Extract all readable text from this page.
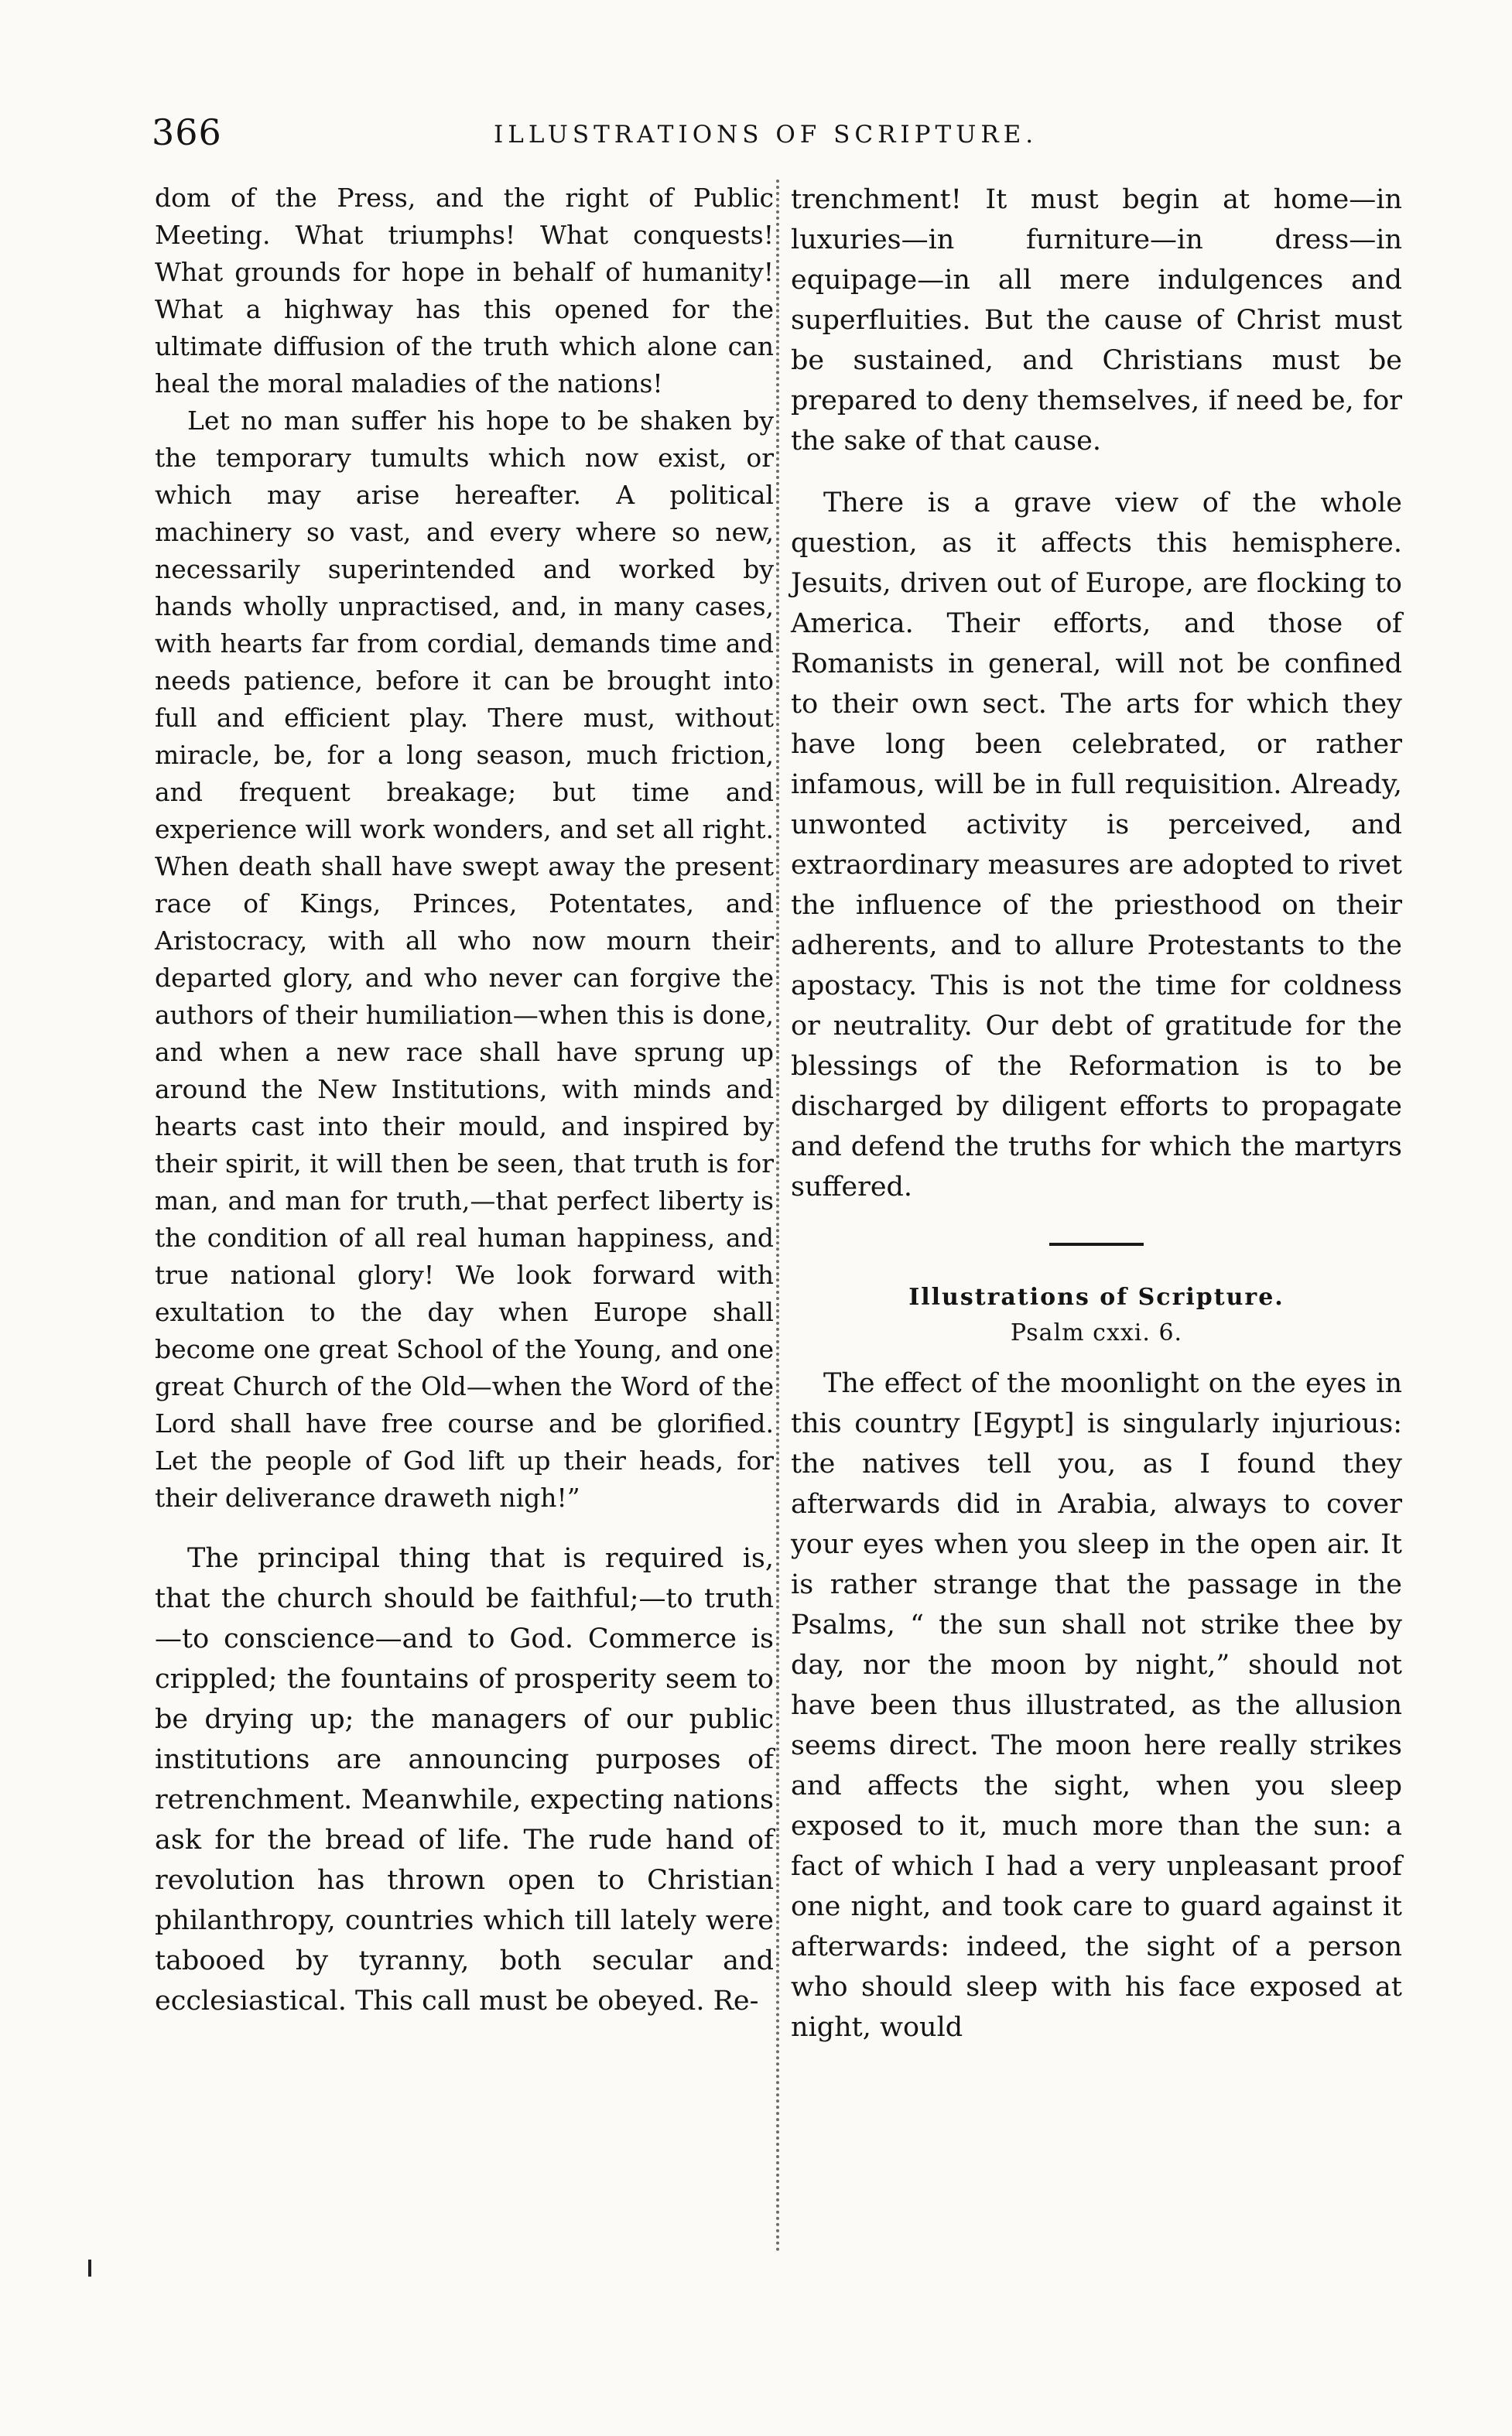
366	ILLUSTRATIONS OF SCRIPTURE.

dom of the Press, and the right of Public Meeting. What triumphs! What conquests! What grounds for hope in behalf of humanity! What a highway has this opened for the ultimate diffusion of the truth which alone can heal the moral maladies of the nations!

Let no man suffer his hope to be shaken by the temporary tumults which now exist, or which may arise hereafter. A political machinery so vast, and every where so new, necessarily superintended and worked by hands wholly unpractised, and, in many cases, with hearts far from cordial, demands time and needs patience, before it can be brought into full and efficient play. There must, without miracle, be, for a long season, much friction, and frequent breakage; but time and experience will work wonders, and set all right. When death shall have swept away the present race of Kings, Princes, Potentates, and Aristocracy, with all who now mourn their departed glory, and who never can forgive the authors of their humiliation—when this is done, and when a new race shall have sprung up around the New Institutions, with minds and hearts cast into their mould, and inspired by their spirit, it will then be seen, that truth is for man, and man for truth,—that perfect liberty is the condition of all real human happiness, and true national glory! We look forward with exultation to the day when Europe shall become one great School of the Young, and one great Church of the Old—when the Word of the Lord shall have free course and be glorified. Let the people of God lift up their heads, for their deliverance draweth nigh!”

The principal thing that is required is, that the church should be faithful;—to truth—to conscience—and to God. Commerce is crippled; the fountains of prosperity seem to be drying up; the managers of our public institutions are announcing purposes of retrenchment. Meanwhile, expecting nations ask for the bread of life. The rude hand of revolution has thrown open to Christian philanthropy, countries which till lately were tabooed by tyranny, both secular and ecclesiastical. This call must be obeyed. Re-

trenchment! It must begin at home—in luxuries—in furniture—in dress—in equipage—in all mere indulgences and superfluities. But the cause of Christ must be sustained, and Christians must be prepared to deny themselves, if need be, for the sake of that cause.

There is a grave view of the whole question, as it affects this hemisphere. Jesuits, driven out of Europe, are flocking to America. Their efforts, and those of Romanists in general, will not be confined to their own sect. The arts for which they have long been celebrated, or rather infamous, will be in full requisition. Already, unwonted activity is perceived, and extraordinary measures are adopted to rivet the influence of the priesthood on their adherents, and to allure Protestants to the apostacy. This is not the time for coldness or neutrality. Our debt of gratitude for the blessings of the Reformation is to be discharged by diligent efforts to propagate and defend the truths for which the martyrs suffered.

Illustrations of Scripture.

Psalm cxxi. 6.

The effect of the moonlight on the eyes in this country [Egypt] is singularly injurious: the natives tell you, as I found they afterwards did in Arabia, always to cover your eyes when you sleep in the open air. It is rather strange that the passage in the Psalms, “ the sun shall not strike thee by day, nor the moon by night,” should not have been thus illustrated, as the allusion seems direct. The moon here really strikes and affects the sight, when you sleep exposed to it, much more than the sun: a fact of which I had a very unpleasant proof one night, and took care to guard against it afterwards: indeed, the sight of a person who should sleep with his face exposed at night, would
